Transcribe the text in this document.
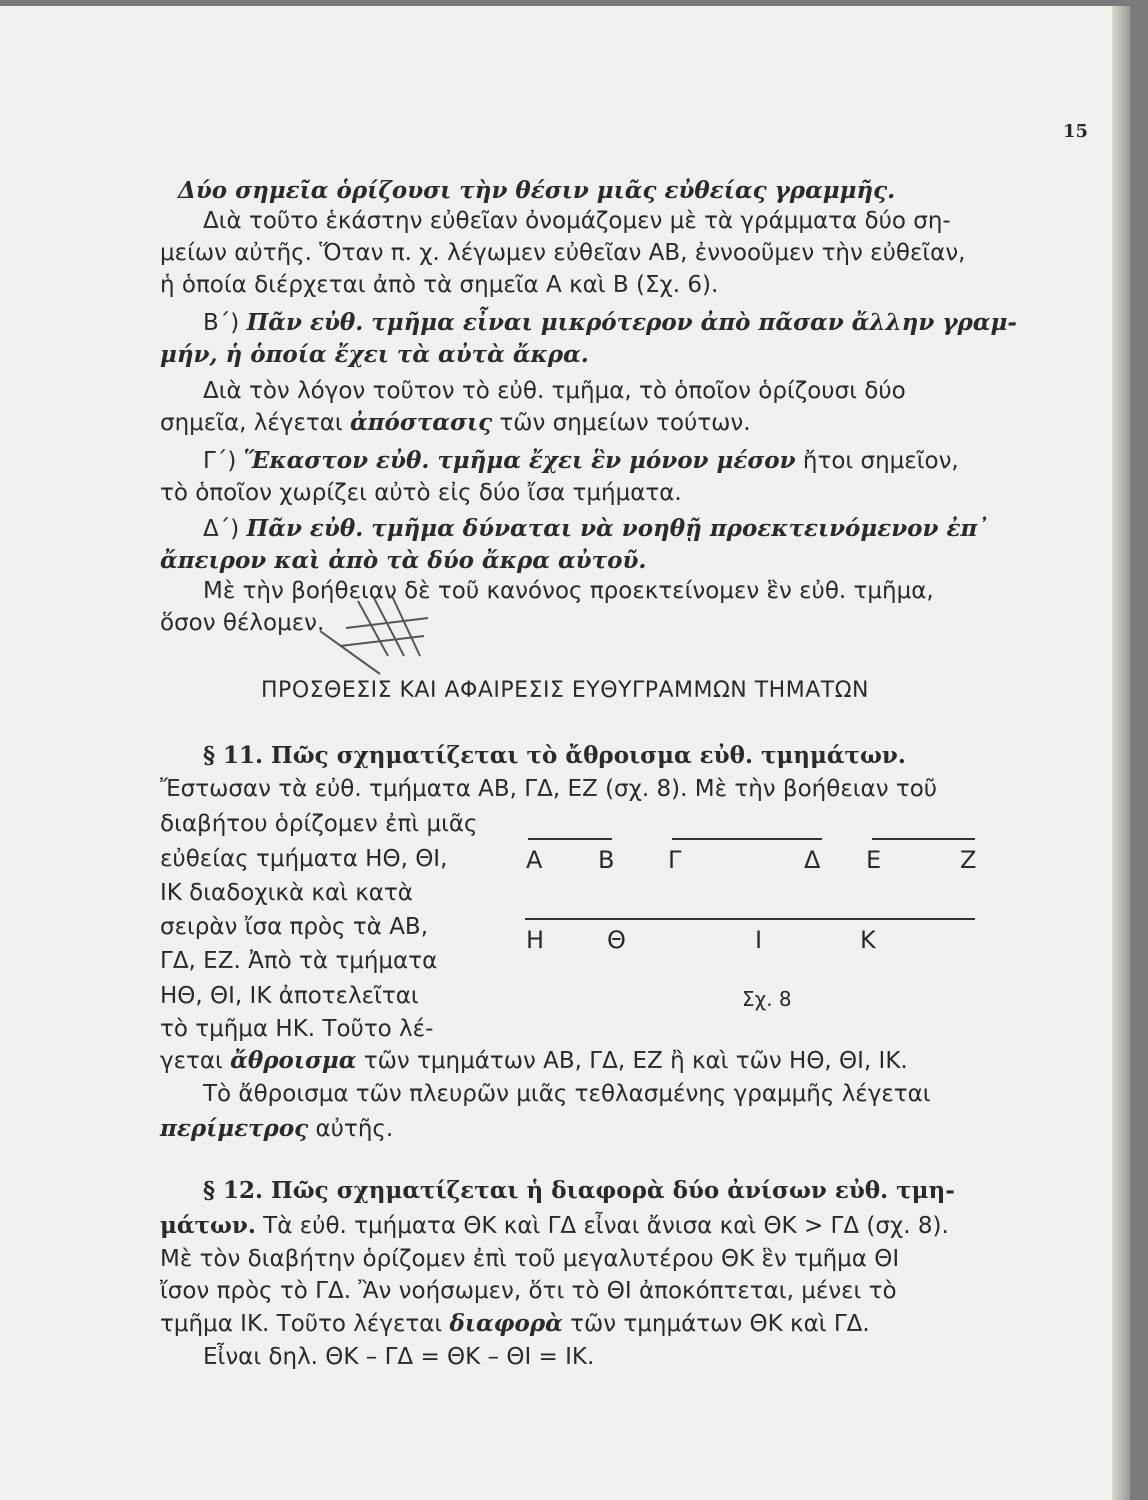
15
Δύο σημεῖα ὁρίζουσι τὴν θέσιν μιᾶς εὐθείας γραμμῆς.
Διὰ τοῦτο ἑκάστην εὐθεῖαν ὀνομάζομεν μὲ τὰ γράμματα δύο ση-
μείων αὐτῆς. Ὅταν π. χ. λέγωμεν εὐθεῖαν ΑΒ, ἐννοοῦμεν τὴν εὐθεῖαν,
ἡ ὁποία διέρχεται ἀπὸ τὰ σημεῖα Α καὶ Β (Σχ. 6).
Β΄) Πᾶν εὐθ. τμῆμα εἶναι μικρότερον ἀπὸ πᾶσαν ἄλλην γραμ-
μήν, ἡ ὁποία ἔχει τὰ αὐτὰ ἄκρα.
Διὰ τὸν λόγον τοῦτον τὸ εὐθ. τμῆμα, τὸ ὁποῖον ὁρίζουσι δύο
σημεῖα, λέγεται ἀπόστασις τῶν σημείων τούτων.
Γ΄) Ἕκαστον εὐθ. τμῆμα ἔχει ἓν μόνον μέσον ἤτοι σημεῖον,
τὸ ὁποῖον χωρίζει αὐτὸ εἰς δύο ἴσα τμήματα.
Δ΄) Πᾶν εὐθ. τμῆμα δύναται νὰ νοηθῇ προεκτεινόμενον ἐπ᾽
ἄπειρον καὶ ἀπὸ τὰ δύο ἄκρα αὐτοῦ.
Μὲ τὴν βοήθειαν δὲ τοῦ κανόνος προεκτείνομεν ἓν εὐθ. τμῆμα,
ὅσον θέλομεν.
§ 11. Πῶς σχηματίζεται τὸ ἄθροισμα εὐθ. τμημάτων.
Ἔστωσαν τὰ εὐθ. τμήματα ΑΒ, ΓΔ, ΕΖ (σχ. 8). Μὲ τὴν βοήθειαν τοῦ
διαβήτου ὁρίζομεν ἐπὶ μιᾶς
εὐθείας τμήματα ΗΘ, ΘΙ,
ΙΚ διαδοχικὰ καὶ κατὰ
σειρὰν ἴσα πρὸς τὰ ΑΒ,
ΓΔ, ΕΖ. Ἀπὸ τὰ τμήματα
ΗΘ, ΘΙ, ΙΚ ἀποτελεῖται
τὸ τμῆμα ΗΚ. Τοῦτο λέ-
γεται ἄθροισμα τῶν τμημάτων ΑΒ, ΓΔ, ΕΖ ἢ καὶ τῶν ΗΘ, ΘΙ, ΙΚ.
Τὸ ἄθροισμα τῶν πλευρῶν μιᾶς τεθλασμένης γραμμῆς λέγεται
περίμετρος αὐτῆς.
§ 12. Πῶς σχηματίζεται ἡ διαφορὰ δύο ἀνίσων εὐθ. τμη-
μάτων. Τὰ εὐθ. τμήματα ΘΚ καὶ ΓΔ εἶναι ἄνισα καὶ ΘΚ > ΓΔ (σχ. 8).
Μὲ τὸν διαβήτην ὁρίζομεν ἐπὶ τοῦ μεγαλυτέρου ΘΚ ἓν τμῆμα ΘΙ
ἴσον πρὸς τὸ ΓΔ. Ἂν νοήσωμεν, ὅτι τὸ ΘΙ ἀποκόπτεται, μένει τὸ
τμῆμα ΙΚ. Τοῦτο λέγεται διαφορὰ τῶν τμημάτων ΘΚ καὶ ΓΔ.
Εἶναι δηλ. ΘΚ – ΓΔ = ΘΚ – ΘΙ = ΙΚ.
ΠΡΟΣΘΕΣΙΣ ΚΑΙ ΑΦΑΙΡΕΣΙΣ ΕΥΘΥΓΡΑΜΜΩΝ ΤΗΜΑΤΩΝ
Α Β Γ	Δ Ε	Ζ
Η	Θ	Ι	Κ
Σχ. 8
